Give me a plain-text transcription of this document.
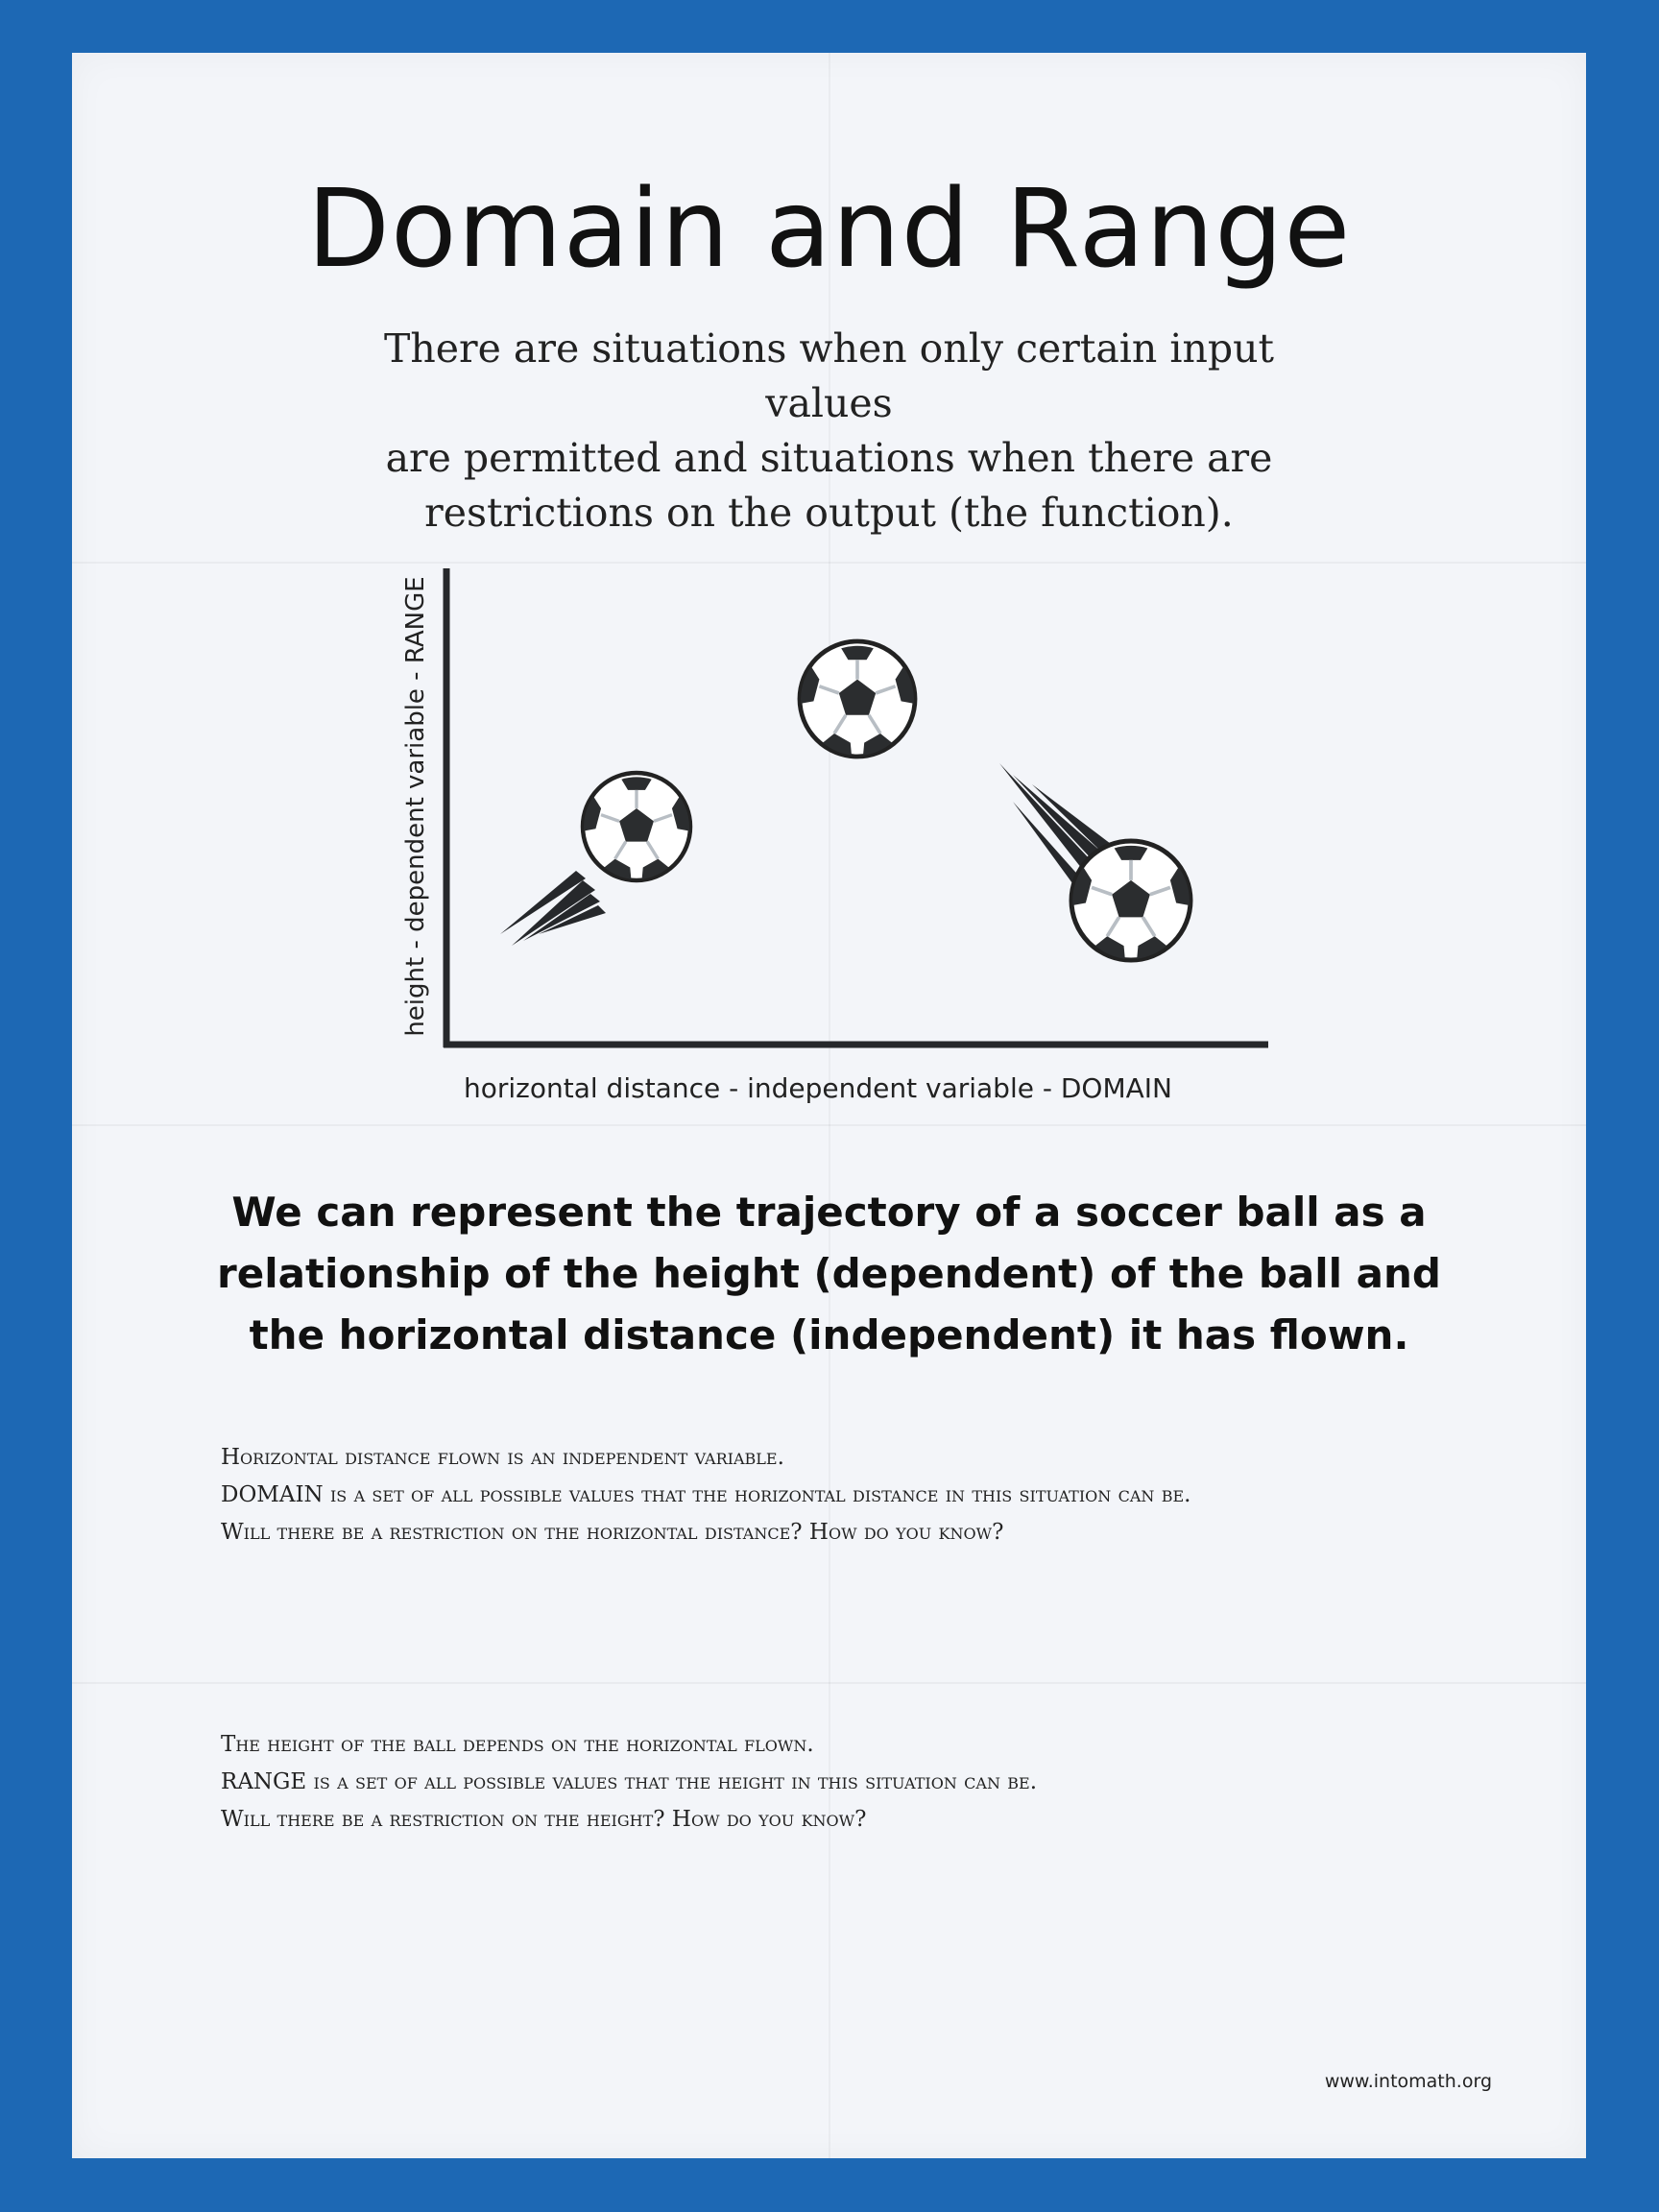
Domain and Range
There are situations when only certain input values
are permitted and situations when there are
restrictions on the output (the function).
height - dependent variable - RANGE
horizontal distance - independent variable - DOMAIN
We can represent the trajectory of a soccer ball as a
relationship of the height (dependent) of the ball and
the horizontal distance (independent) it has flown.
Horizontal distance flown is an independent variable.
DOMAIN is a set of all possible values that the horizontal distance in this situation can be.
Will there be a restriction on the horizontal distance? How do you know?
The height of the ball depends on the horizontal flown.
RANGE is a set of all possible values that the height in this situation can be.
Will there be a restriction on the height? How do you know?
www.intomath.org
